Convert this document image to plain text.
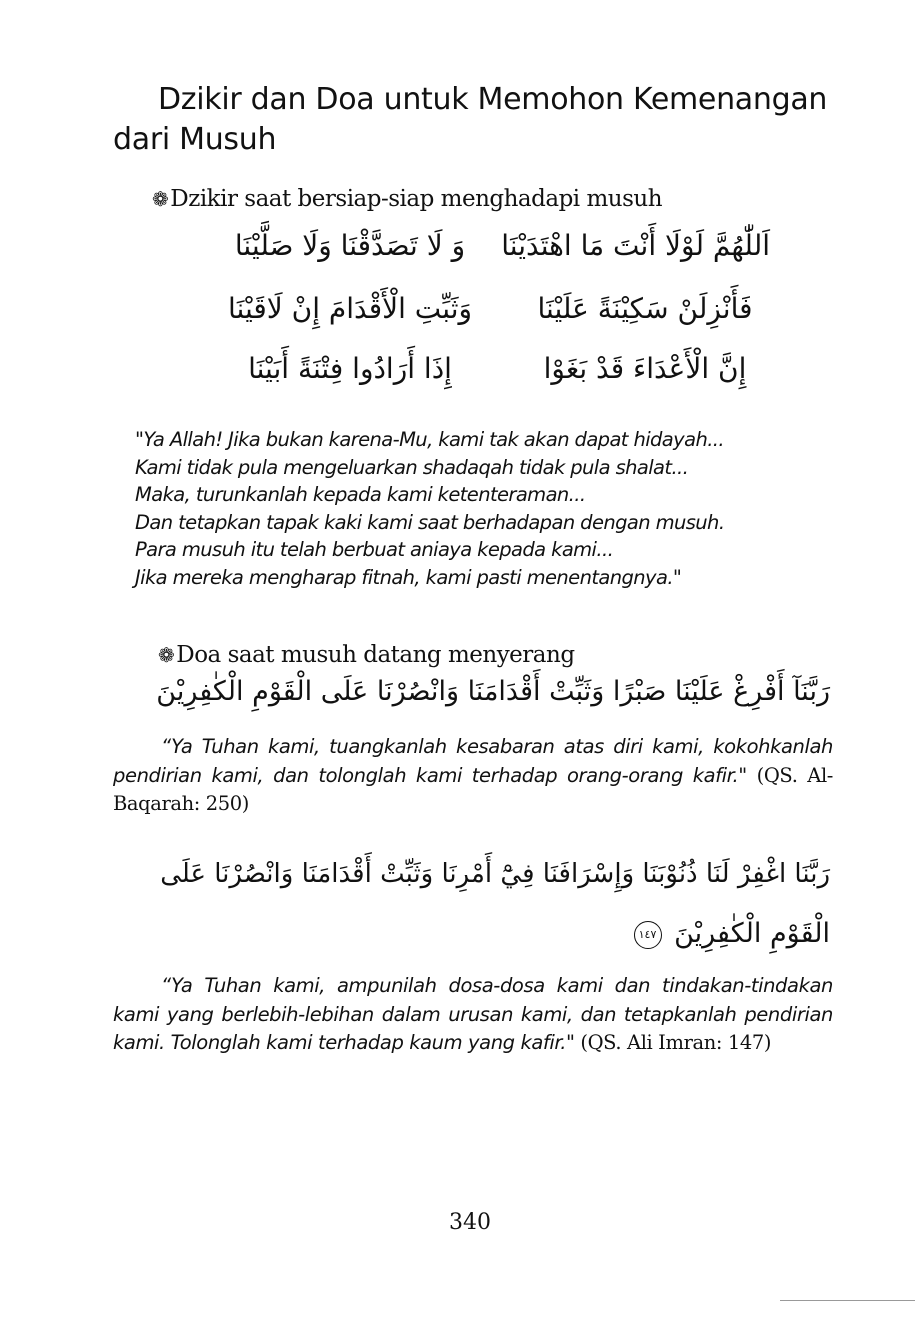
Dzikir dan Doa untuk Memohon Kemenangan dari Musuh
❁Dzikir saat bersiap-siap menghadapi musuh
اَللّٰهُمَّ لَوْلَا أَنْتَ مَا اهْتَدَيْنَا
وَ لَا تَصَدَّقْنَا وَلَا صَلَّيْنَا
فَأَنْزِلَنْ سَكِيْنَةً عَلَيْنَا
وَثَبِّتِ الْأَقْدَامَ إِنْ لَاقَيْنَا
إِنَّ الْأَعْدَاءَ قَدْ بَغَوْا
إِذَا أَرَادُوا فِتْنَةً أَبَيْنَا
"Ya Allah! Jika bukan karena-Mu, kami tak akan dapat hidayah...
Kami tidak pula mengeluarkan shadaqah tidak pula shalat...
Maka, turunkanlah kepada kami ketenteraman...
Dan tetapkan tapak kaki kami saat berhadapan dengan musuh.
Para musuh itu telah berbuat aniaya kepada kami...
Jika mereka mengharap fitnah, kami pasti menentangnya."
❁Doa saat musuh datang menyerang
رَبَّنَآ أَفْرِغْ عَلَيْنَا صَبْرًا وَثَبِّتْ أَقْدَامَنَا وَانْصُرْنَا عَلَى الْقَوْمِ الْكٰفِرِيْنَ

“Ya Tuhan kami, tuangkanlah kesabaran atas diri kami, kokohkanlah pendirian kami, dan tolonglah kami terhadap orang-orang kafir." (QS. Al-Baqarah: 250)

رَبَّنَا اغْفِرْ لَنَا ذُنُوْبَنَا وَإِسْرَافَنَا فِيْٓ أَمْرِنَا وَثَبِّتْ أَقْدَامَنَا وَانْصُرْنَا عَلَى
الْقَوْمِ الْكٰفِرِيْنَ ١٤٧

“Ya Tuhan kami, ampunilah dosa-dosa kami dan tindakan-tindakan kami yang berlebih-lebihan dalam urusan kami, dan tetapkanlah pendirian kami. Tolonglah kami terhadap kaum yang kafir." (QS. Ali Imran: 147)

340
